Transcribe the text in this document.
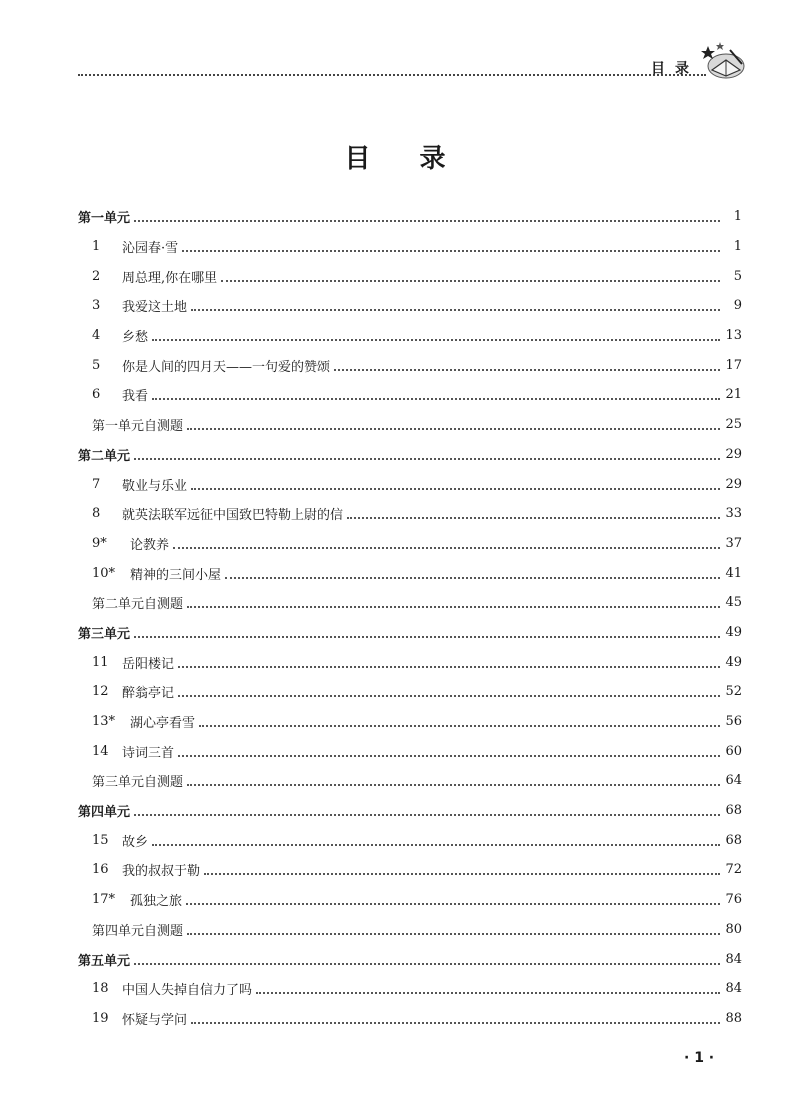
目录
目 录
第一单元	1
1	沁园春·雪	1
2	周总理,你在哪里	5
3	我爱这土地	9
4	乡愁	13
5	你是人间的四月天——一句爱的赞颂	17
6	我看	21
第一单元自测题	25
第二单元	29
7	敬业与乐业	29
8	就英法联军远征中国致巴特勒上尉的信	33
9*	论教养	37
10*	精神的三间小屋	41
第二单元自测题	45
第三单元	49
11 岳阳楼记	49
12 醉翁亭记	52
13*	湖心亭看雪	56
14 诗词三首	60
第三单元自测题	64
第四单元	68
15 故乡	68
16 我的叔叔于勒	72
17*	孤独之旅	76
第四单元自测题	80
第五单元	84
18 中国人失掉自信力了吗	84
19 怀疑与学问	88
· 1 ·
